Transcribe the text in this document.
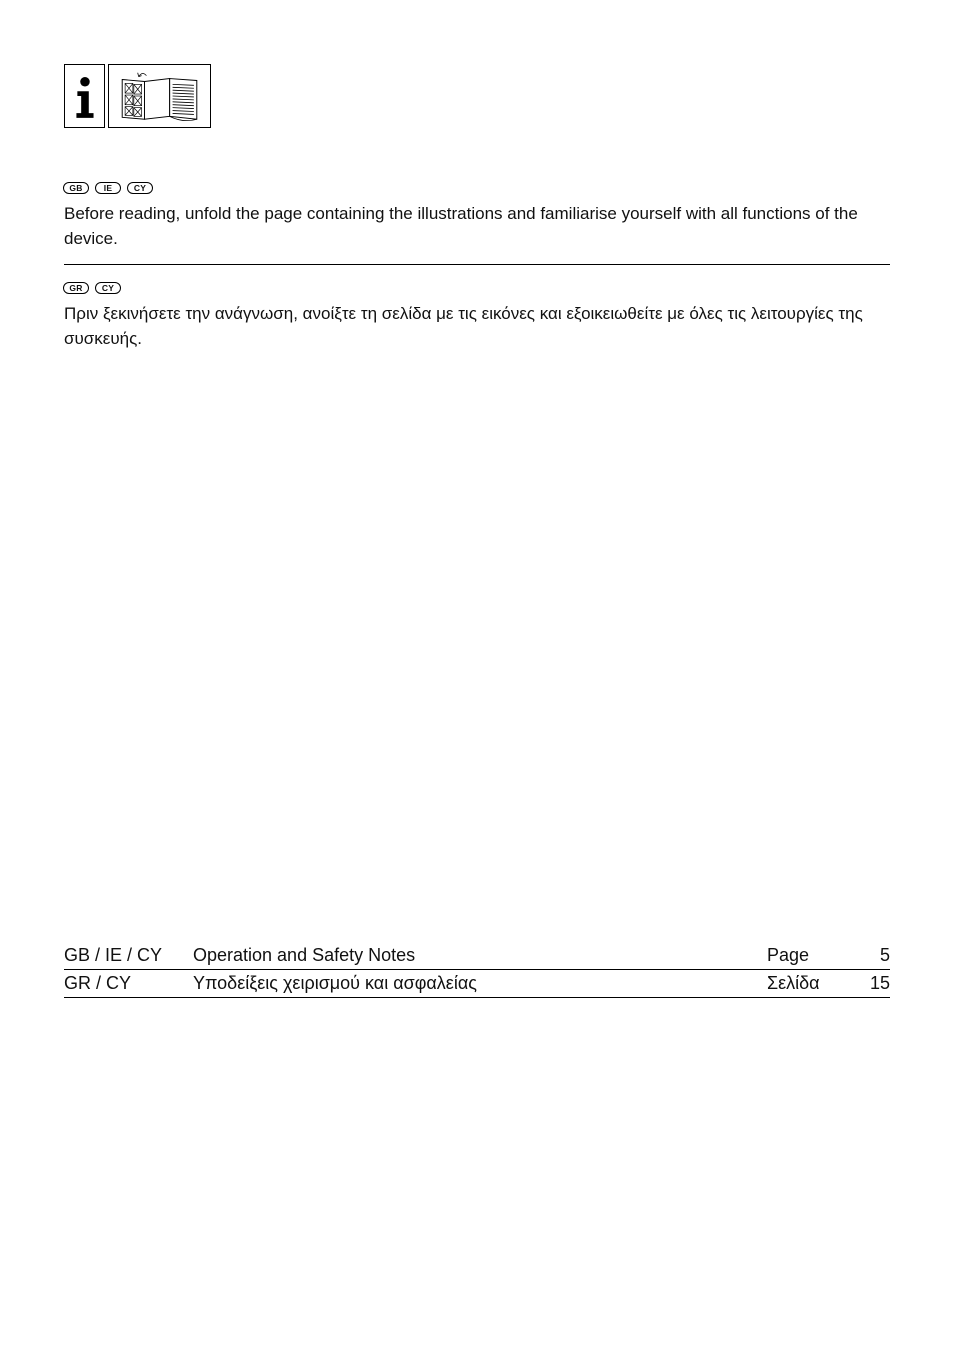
GB	IE	CY

Before reading, unfold the page containing the illustrations and familiarise yourself with all functions of the device.

GR	CY

Πριν ξεκινήσετε την ανάγνωση, ανοίξτε τη σελίδα με τις εικόνες και εξοικειωθείτε με όλες τις λειτουργίες της συσκευής.

GB / IE / CY	Operation and Safety Notes	Page	5
GR / CY	Υποδείξεις χειρισμού και ασφαλείας	Σελίδα	15
